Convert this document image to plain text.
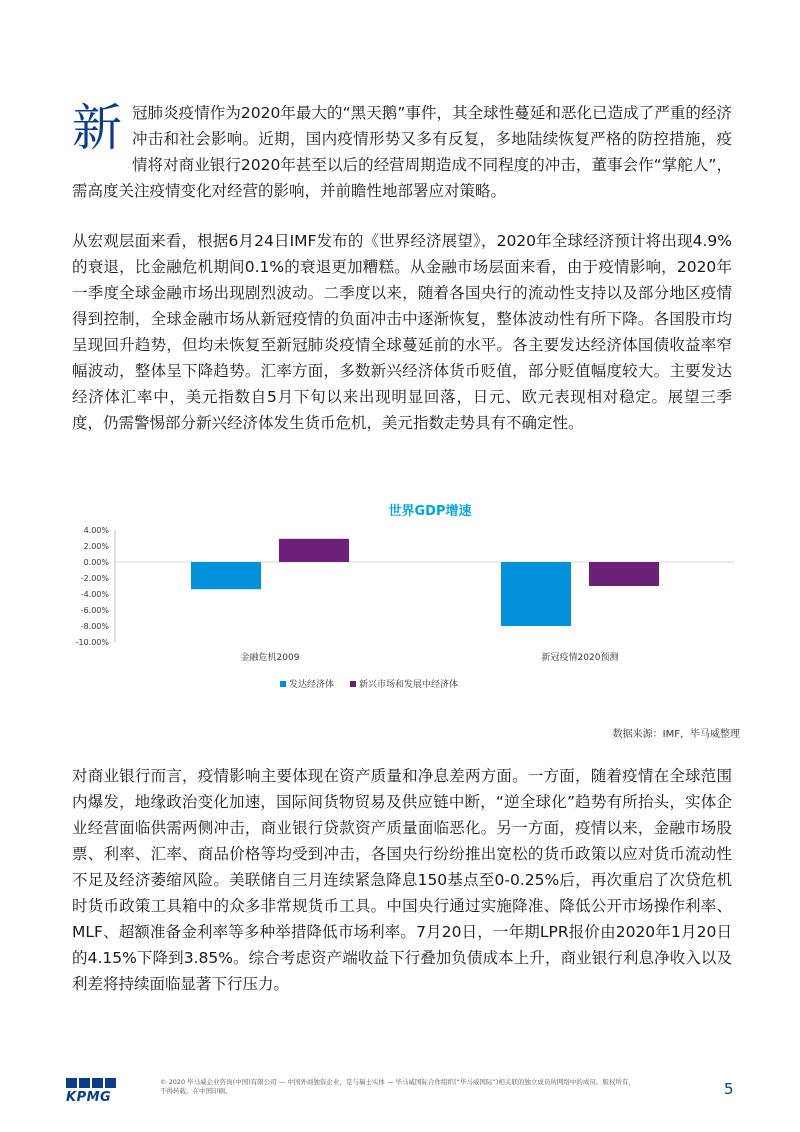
新 冠肺炎疫情作为2020年最大的“黑天鹅”事件，其全球性蔓延和恶化已造成了严重的经济冲击和社会影响。近期，国内疫情形势又多有反复，多地陆续恢复严格的防控措施，疫情将对商业银行2020年甚至以后的经营周期造成不同程度的冲击，董事会作“掌舵人”，需高度关注疫情变化对经营的影响，并前瞻性地部署应对策略。

从宏观层面来看，根据6月24日IMF发布的《世界经济展望》，2020年全球经济预计将出现4.9%的衰退，比金融危机期间0.1%的衰退更加糟糕。从金融市场层面来看，由于疫情影响，2020年一季度全球金融市场出现剧烈波动。二季度以来，随着各国央行的流动性支持以及部分地区疫情得到控制，全球金融市场从新冠疫情的负面冲击中逐渐恢复，整体波动性有所下降。各国股市均呈现回升趋势，但均未恢复至新冠肺炎疫情全球蔓延前的水平。各主要发达经济体国债收益率窄幅波动，整体呈下降趋势。汇率方面，多数新兴经济体货币贬值，部分贬值幅度较大。主要发达经济体汇率中，美元指数自5月下旬以来出现明显回落，日元、欧元表现相对稳定。展望三季度，仍需警惕部分新兴经济体发生货币危机，美元指数走势具有不确定性。

世界GDP增速
4.00%
2.00%
0.00%
-2.00%
-4.00%
-6.00%
-8.00%
-10.00%
金融危机2009	新冠疫情2020预测
发达经济体	新兴市场和发展中经济体
数据来源：IMF，毕马威整理

对商业银行而言，疫情影响主要体现在资产质量和净息差两方面。一方面，随着疫情在全球范围内爆发，地缘政治变化加速，国际间货物贸易及供应链中断，“逆全球化”趋势有所抬头，实体企业经营面临供需两侧冲击，商业银行贷款资产质量面临恶化。另一方面，疫情以来，金融市场股票、利率、汇率、商品价格等均受到冲击，各国央行纷纷推出宽松的货币政策以应对货币流动性不足及经济萎缩风险。美联储自三月连续紧急降息150基点至0-0.25%后，再次重启了次贷危机时货币政策工具箱中的众多非常规货币工具。中国央行通过实施降准、降低公开市场操作利率、MLF、超额准备金利率等多种举措降低市场利率。7月20日，一年期LPR报价由2020年1月20日的4.15%下降到3.85%。综合考虑资产端收益下行叠加负债成本上升，商业银行利息净收入以及利差将持续面临显著下行压力。

KPMG
© 2020 毕马威企业咨询(中国)有限公司 — 中国外商独资企业，是与瑞士实体 — 毕马威国际合作组织(“毕马威国际”)相关联的独立成员所网络中的成员。版权所有，
不得转载。在中国印刷。	5
